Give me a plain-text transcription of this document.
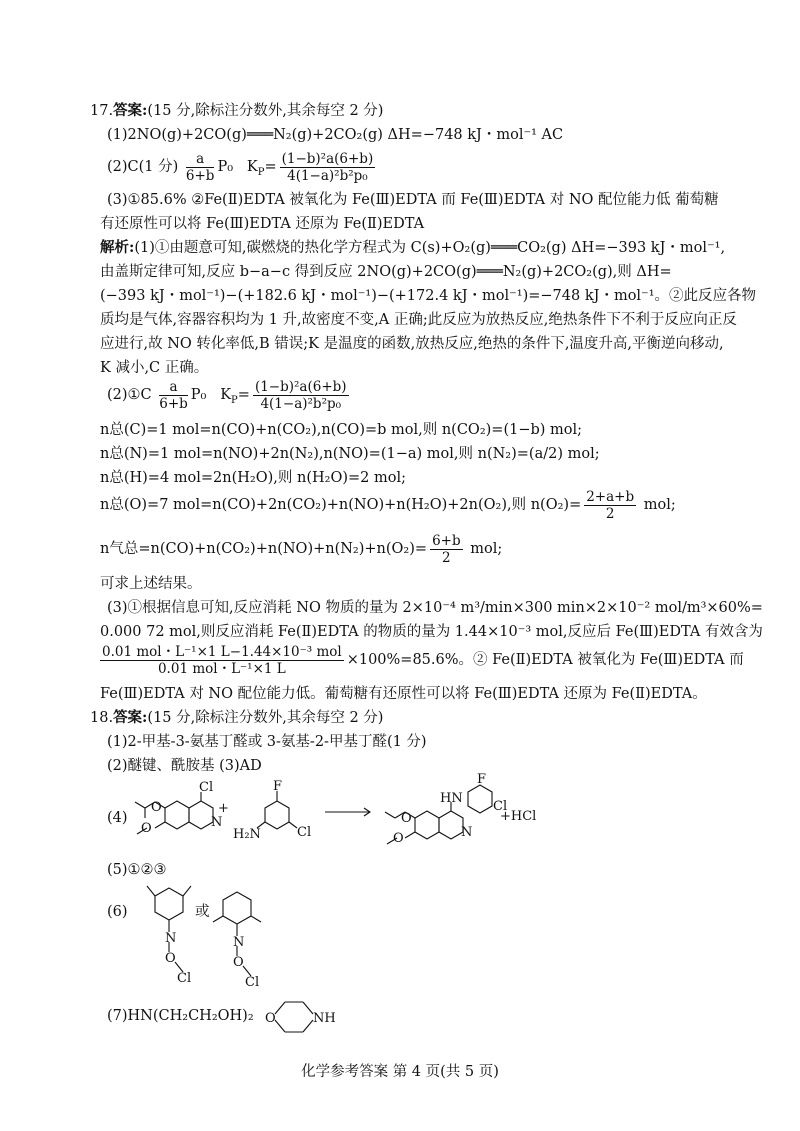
17.答案:(15 分,除标注分数外,其余每空 2 分)
(1)2NO(g)+2CO(g)═══N₂(g)+2CO₂(g) ΔH=−748 kJ・mol⁻¹ AC
(2)C(1 分) $\frac{a}{6+b} P_0$ $K_P= \frac{\text{(1−b)²a(6+b)}}{\text{4(1−a)²b²p₀}}$
(3)①85.6% ②Fe(Ⅱ)EDTA 被氧化为 Fe(Ⅲ)EDTA 而 Fe(Ⅲ)EDTA 对 NO 配位能力低 葡萄糖
有还原性可以将 Fe(Ⅲ)EDTA 还原为 Fe(Ⅱ)EDTA
解析:(1)①由题意可知,碳燃烧的热化学方程式为 C(s)+O₂(g)═══CO₂(g) ΔH=−393 kJ・mol⁻¹,
由盖斯定律可知,反应 b−a−c 得到反应 2NO(g)+2CO(g)═══N₂(g)+2CO₂(g),则 ΔH=
(−393 kJ・mol⁻¹)−(+182.6 kJ・mol⁻¹)−(+172.4 kJ・mol⁻¹)=−748 kJ・mol⁻¹。②此反应各物
质均是气体,容器容积均为 1 升,故密度不变,A 正确;此反应为放热反应,绝热条件下不利于反应向正反
应进行,故 NO 转化率低,B 错误;K 是温度的函数,放热反应,绝热的条件下,温度升高,平衡逆向移动,
K 减小,C 正确。
(2)①C $\frac{a}{6+b} P_0$ $K_P= \frac{\text{(1−b)²a(6+b)}}{\text{4(1−a)²b²p₀}}$
n总(C)=1 mol=n(CO)+n(CO₂),n(CO)=b mol,则 n(CO₂)=(1−b) mol;
n总(N)=1 mol=n(NO)+2n(N₂),n(NO)=(1−a) mol,则 n(N₂)=(a/2) mol;
n总(H)=4 mol=2n(H₂O),则 n(H₂O)=2 mol;
n总(O)=7 mol=n(CO)+2n(CO₂)+n(NO)+n(H₂O)+2n(O₂),则 $n(O_2)= \frac{2+a+b}{2}$ mol;
n气总$=n(CO)+n(CO_2)+n(NO)+n(N_2)+n(O_2)= \frac{6+b}{2}$ mol;
可求上述结果。
(3)①根据信息可知,反应消耗 NO 物质的量为 2×10⁻⁴ m³/min×300 min×2×10⁻² mol/m³×60%=
0.000 72 mol,则反应消耗 Fe(Ⅱ)EDTA 的物质的量为 1.44×10⁻³ mol,反应后 Fe(Ⅲ)EDTA 有效含为
$\frac{\text{0.01 mol・L⁻¹×1 L−1.44×10⁻³ mol}}{\text{0.01 mol・L⁻¹×1 L}} \times 100\%=85.6\%$。② Fe(Ⅱ)EDTA 被氧化为 Fe(Ⅲ)EDTA 而
Fe(Ⅲ)EDTA 对 NO 配位能力低。葡萄糖有还原性可以将 Fe(Ⅲ)EDTA 还原为 Fe(Ⅱ)EDTA。
18.答案:(15 分,除标注分数外,其余每空 2 分)
(1)2-甲基-3-氨基丁醛或 3-氨基-2-甲基丁醛(1 分)
(2)醚键、酰胺基 (3)AD
(4)
Cl
N
+
O
O
F
Cl
H₂N
HN
F
Cl
+HCl
N
O
O
(5)①②③
(6)	或
N
O
Cl
N
O
Cl
(7)HN(CH₂CH₂OH)₂ O	NH
化学参考答案 第 4 页(共 5 页)
